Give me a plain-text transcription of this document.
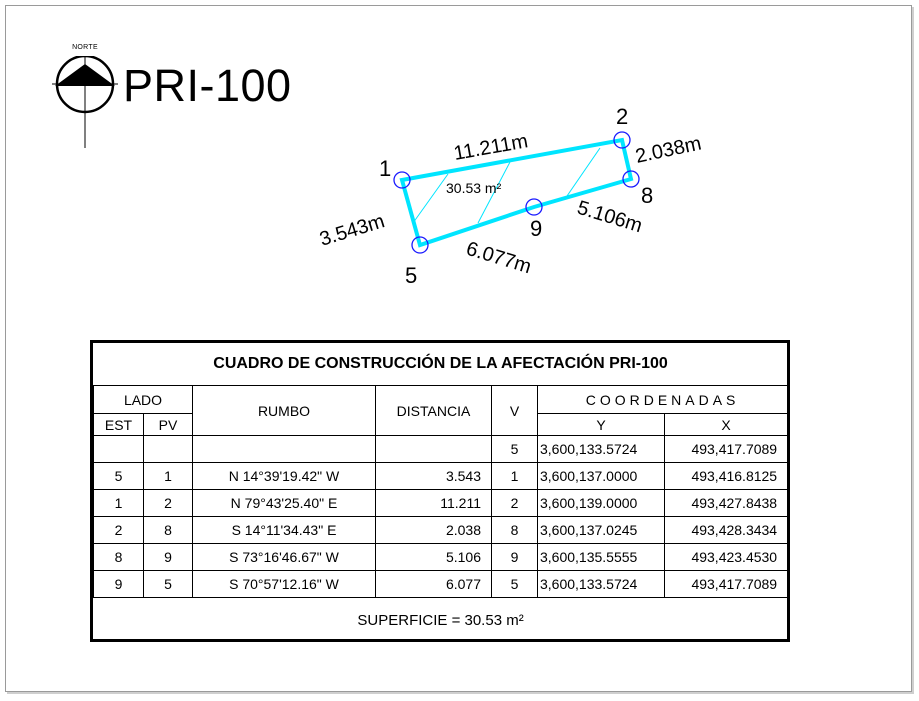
NORTE
PRI-100
1
2
8
9
5
30.53 m²
11.211m	2.038m
5.106m
6.077m
3.543m
CUADRO DE CONSTRUCCIÓN DE LA AFECTACIÓN PRI-100						
LADO		RUMBO	DISTANCIA	V	COORDENADAS	
EST	PV				Y	X
				5	3,600,133.5724	493,417.7089
5	1	N 14°39'19.42" W	3.543	1	3,600,137.0000	493,416.8125
1	2	N 79°43'25.40" E	11.211	2	3,600,139.0000	493,427.8438
2	8	S 14°11'34.43" E	2.038	8	3,600,137.0245	493,428.3434
8	9	S 73°16'46.67" W	5.106	9	3,600,135.5555	493,423.4530
9	5	S 70°57'12.16" W	6.077	5	3,600,133.5724	493,417.7089
SUPERFICIE = 30.53 m²						
